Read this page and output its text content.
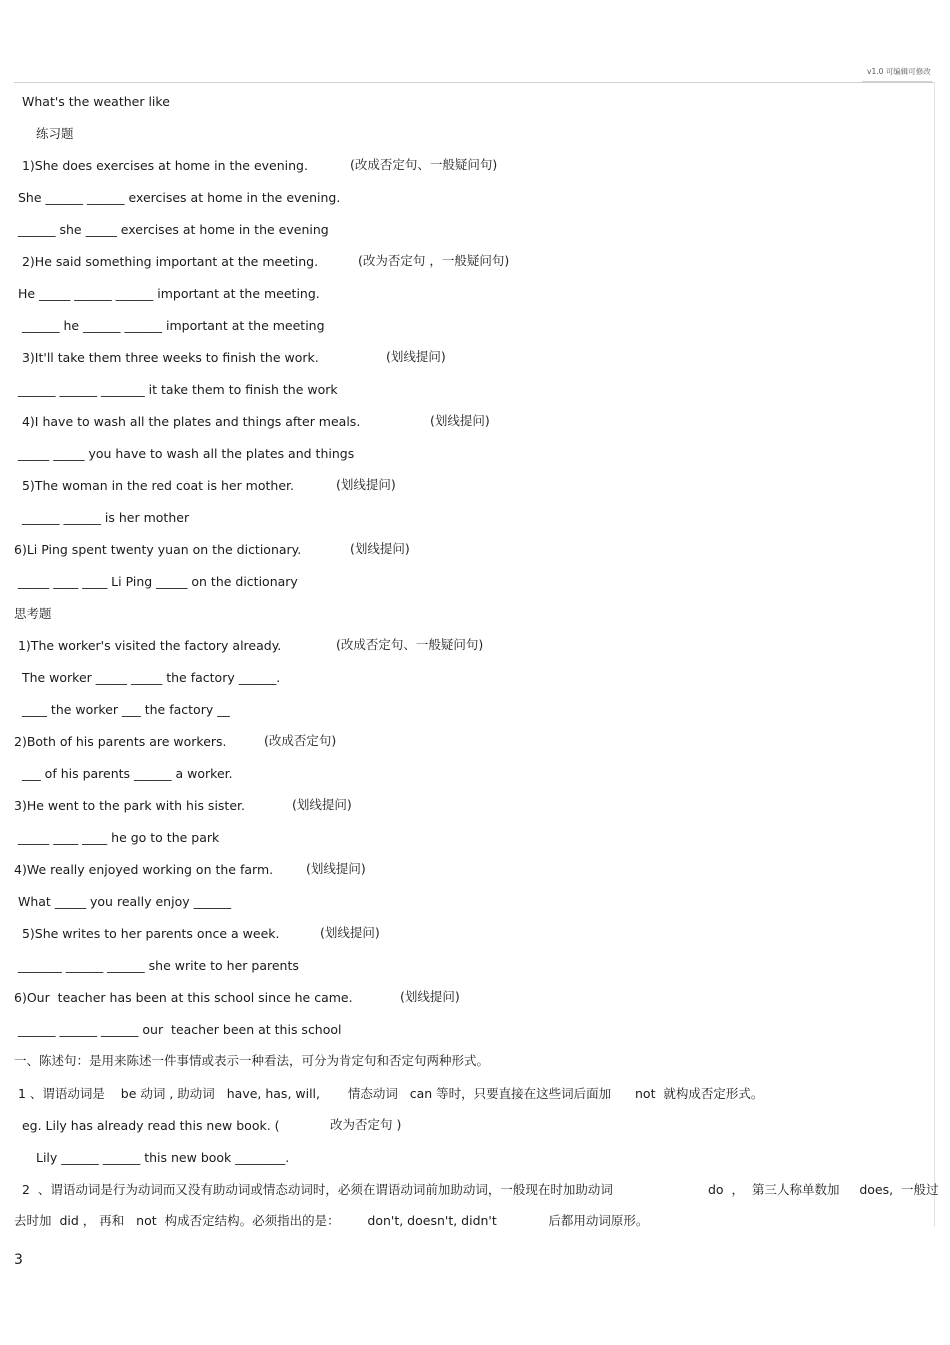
v1.0 可编辑可修改
What's the weather like
练习题
1)She does exercises at home in the evening.	(改成否定句、一般疑问句)
She ______ ______ exercises at home in the evening.
______ she _____ exercises at home in the evening
2)He said something important at the meeting.	(改为否定句 ，一般疑问句)
He _____ ______ ______ important at the meeting.
______ he ______ ______ important at the meeting
3)It'll take them three weeks to finish the work.	(划线提问)
______ ______ _______ it take them to finish the work
4)I have to wash all the plates and things after meals.	(划线提问)
_____ _____ you have to wash all the plates and things
5)The woman in the red coat is her mother.	(划线提问)
______ ______ is her mother
6)Li Ping spent twenty yuan on the dictionary.	(划线提问)
_____ ____ ____ Li Ping _____ on the dictionary
思考题
1)The worker's visited the factory already.	(改成否定句、一般疑问句)
The worker _____ _____ the factory ______.
____ the worker ___ the factory __
2)Both of his parents are workers.	(改成否定句)
___ of his parents ______ a worker.
3)He went to the park with his sister.	(划线提问)
_____ ____ ____ he go to the park
4)We really enjoyed working on the farm.	(划线提问)
What _____ you really enjoy ______
5)She writes to her parents once a week.	(划线提问)
_______ ______ ______ she write to her parents
6)Our  teacher has been at this school since he came.	(划线提问)
______ ______ ______ our  teacher been at this school
一、陈述句：是用来陈述一件事情或表示一种看法，可分为肯定句和否定句两种形式。
1 、谓语动词是    be 动词 , 助动词   have, has, will,       情态动词   can 等时，只要直接在这些词后面加      not  就构成否定形式。
eg. Lily has already read this new book. (	改为否定句 )
Lily ______ ______ this new book ________.
2  、谓语动词是行为动词而又没有助动词或情态动词时，必须在谓语动词前加助动词，一般现在时加助动词	do  ，  第三人称单数加     does,  一般过
去时加  did ， 再和   not  构成否定结构。必须指出的是：       don't, doesn't, didn't             后都用动词原形。
3
